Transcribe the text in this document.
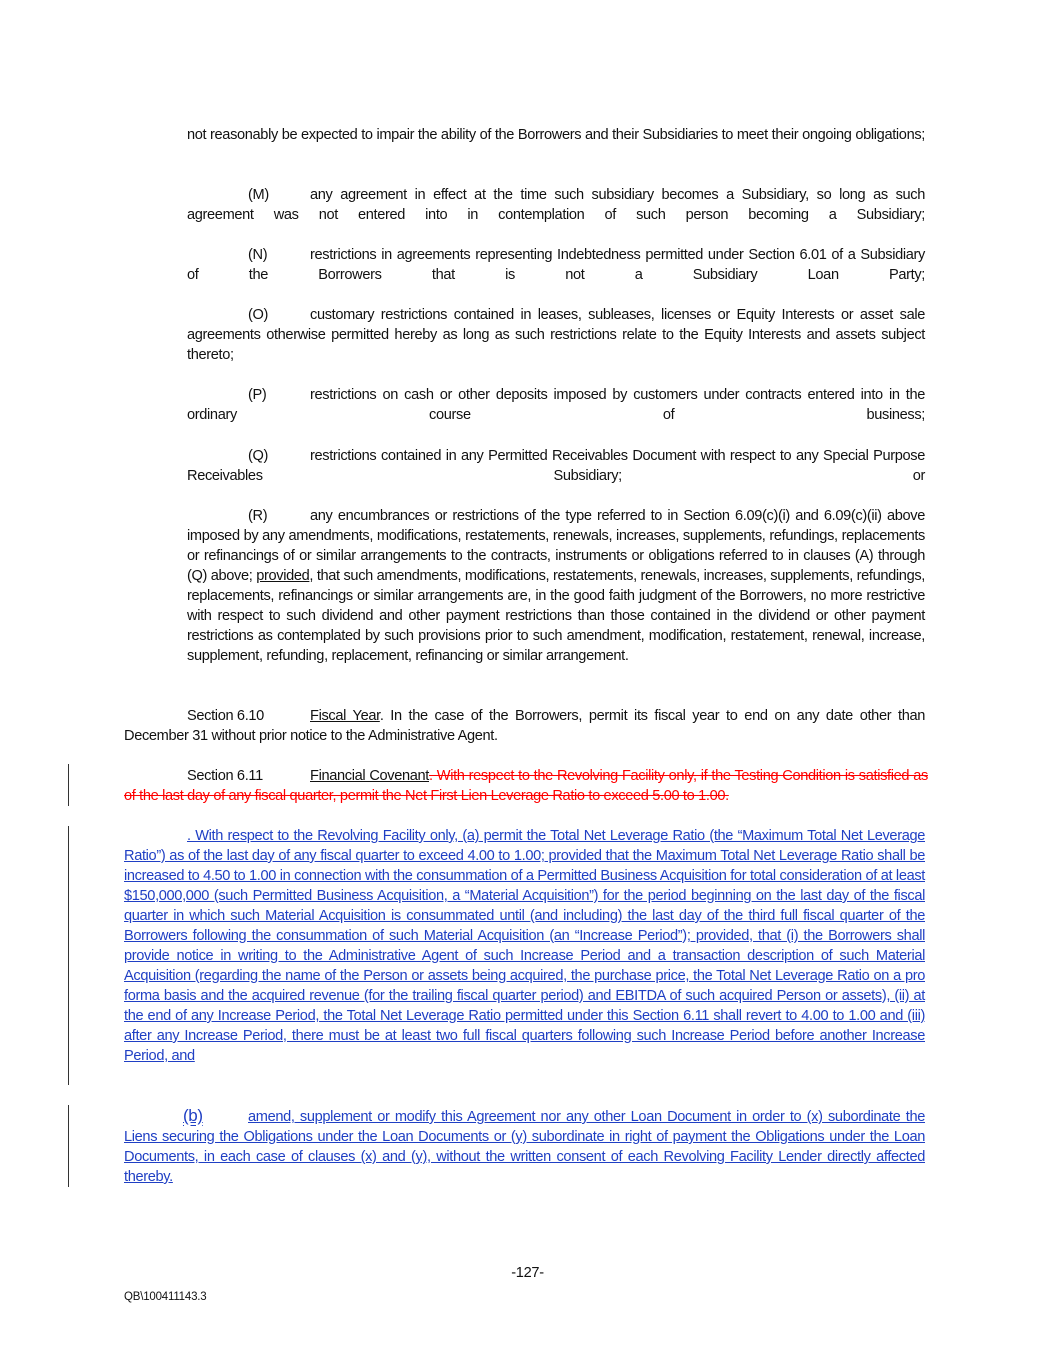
not reasonably be expected to impair the ability of the Borrowers and their Subsidiaries to meet their ongoing obligations;
(M)	any agreement in effect at the time such subsidiary becomes a Subsidiary, so long as such agreement was not entered into in contemplation of such person becoming a Subsidiary;
(N)	restrictions in agreements representing Indebtedness permitted under Section 6.01 of a Subsidiary of the Borrowers that is not a Subsidiary Loan Party;
(O)	customary restrictions contained in leases, subleases, licenses or Equity Interests or asset sale agreements otherwise permitted hereby as long as such restrictions relate to the Equity Interests and assets subject thereto;
(P)	restrictions on cash or other deposits imposed by customers under contracts entered into in the ordinary course of business;
(Q)	restrictions contained in any Permitted Receivables Document with respect to any Special Purpose Receivables Subsidiary; or
(R)	any encumbrances or restrictions of the type referred to in Section 6.09(c)(i) and 6.09(c)(ii) above imposed by any amendments, modifications, restatements, renewals, increases, supplements, refundings, replacements or refinancings of or similar arrangements to the contracts, instruments or obligations referred to in clauses (A) through (Q) above; provided, that such amendments, modifications, restatements, renewals, increases, supplements, refundings, replacements, refinancings or similar arrangements are, in the good faith judgment of the Borrowers, no more restrictive with respect to such dividend and other payment restrictions than those contained in the dividend or other payment restrictions as contemplated by such provisions prior to such amendment, modification, restatement, renewal, increase, supplement, refunding, replacement, refinancing or similar arrangement.
Section 6.10	Fiscal Year. In the case of the Borrowers, permit its fiscal year to end on any date other than December 31 without prior notice to the Administrative Agent.
Section 6.11	Financial Covenant. With respect to the Revolving Facility only, if the Testing Condition is satisfied as of the last day of any fiscal quarter, permit the Net First Lien Leverage Ratio to exceed 5.00 to 1.00.
. With respect to the Revolving Facility only, (a) permit the Total Net Leverage Ratio (the “Maximum Total Net Leverage Ratio”) as of the last day of any fiscal quarter to exceed 4.00 to 1.00; provided that the Maximum Total Net Leverage Ratio shall be increased to 4.50 to 1.00 in connection with the consummation of a Permitted Business Acquisition for total consideration of at least $150,000,000 (such Permitted Business Acquisition, a “Material Acquisition”) for the period beginning on the last day of the fiscal quarter in which such Material Acquisition is consummated until (and including) the last day of the third full fiscal quarter of the Borrowers following the consummation of such Material Acquisition (an “Increase Period”); provided, that (i) the Borrowers shall provide notice in writing to the Administrative Agent of such Increase Period and a transaction description of such Material Acquisition (regarding the name of the Person or assets being acquired, the purchase price, the Total Net Leverage Ratio on a pro forma basis and the acquired revenue (for the trailing fiscal quarter period) and EBITDA of such acquired Person or assets), (ii) at the end of any Increase Period, the Total Net Leverage Ratio permitted under this Section 6.11 shall revert to 4.00 to 1.00 and (iii) after any Increase Period, there must be at least two full fiscal quarters following such Increase Period before another Increase Period, and
(b)	amend, supplement or modify this Agreement nor any other Loan Document in order to (x) subordinate the Liens securing the Obligations under the Loan Documents or (y) subordinate in right of payment the Obligations under the Loan Documents, in each case of clauses (x) and (y), without the written consent of each Revolving Facility Lender directly affected thereby.
-127-
QB\100411143.3
